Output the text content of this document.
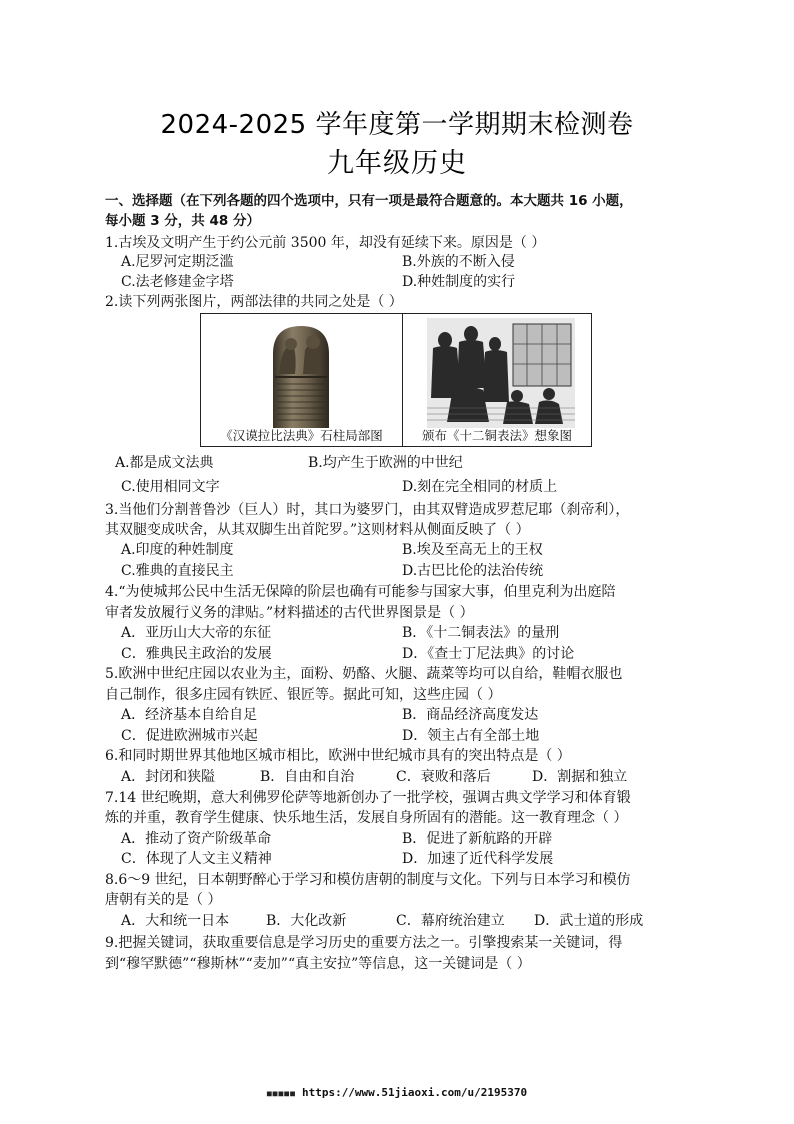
2024-2025 学年度第一学期期末检测卷
九年级历史
一、选择题（在下列各题的四个选项中，只有一项是最符合题意的。本大题共 16 小题，
每小题 3 分，共 48 分）
1.古埃及文明产生于约公元前 3500 年，却没有延续下来。原因是（ ）
A.尼罗河定期泛滥	B.外族的不断入侵
C.法老修建金字塔	D.种姓制度的实行
2.读下列两张图片，两部法律的共同之处是（ ）
《汉谟拉比法典》石柱局部图	颁布《十二铜表法》想象图
A.都是成文法典	B.均产生于欧洲的中世纪
C.使用相同文字	D.刻在完全相同的材质上
3.当他们分割普鲁沙（巨人）时，其口为婆罗门，由其双臂造成罗惹尼耶（刹帝利），
其双腿变成吠舍，从其双脚生出首陀罗。”这则材料从侧面反映了（ ）
A.印度的种姓制度	B.埃及至高无上的王权
C.雅典的直接民主	D.古巴比伦的法治传统
4.“为使城邦公民中生活无保障的阶层也确有可能参与国家大事，伯里克利为出庭陪
审者发放履行义务的津贴。”材料描述的古代世界图景是（ ）
A．亚历山大大帝的东征	B．《十二铜表法》的量刑
C．雅典民主政治的发展	D．《查士丁尼法典》的讨论
5.欧洲中世纪庄园以农业为主，面粉、奶酪、火腿、蔬菜等均可以自给，鞋帽衣服也
自己制作，很多庄园有铁匠、银匠等。据此可知，这些庄园（ ）
A．经济基本自给自足	B．商品经济高度发达
C．促进欧洲城市兴起	D．领主占有全部土地
6.和同时期世界其他地区城市相比，欧洲中世纪城市具有的突出特点是（ ）
A．封闭和狭隘	B．自由和自治	C．衰败和落后	D．割据和独立
7.14 世纪晚期，意大利佛罗伦萨等地新创办了一批学校，强调古典文学学习和体育锻
炼的并重，教育学生健康、快乐地生活，发展自身所固有的潜能。这一教育理念（ ）
A．推动了资产阶级革命	B．促进了新航路的开辟
C．体现了人文主义精神	D．加速了近代科学发展
8.6～9 世纪，日本朝野醉心于学习和模仿唐朝的制度与文化。下列与日本学习和模仿
唐朝有关的是（ ）
A．大和统一日本	B．大化改新	C．幕府统治建立 D．武士道的形成
9.把握关键词，获取重要信息是学习历史的重要方法之一。引擎搜索某一关键词，得
到“穆罕默德”“穆斯林”“麦加”“真主安拉”等信息，这一关键词是（ ）
■■■■■ https://www.51jiaoxi.com/u/2195370
